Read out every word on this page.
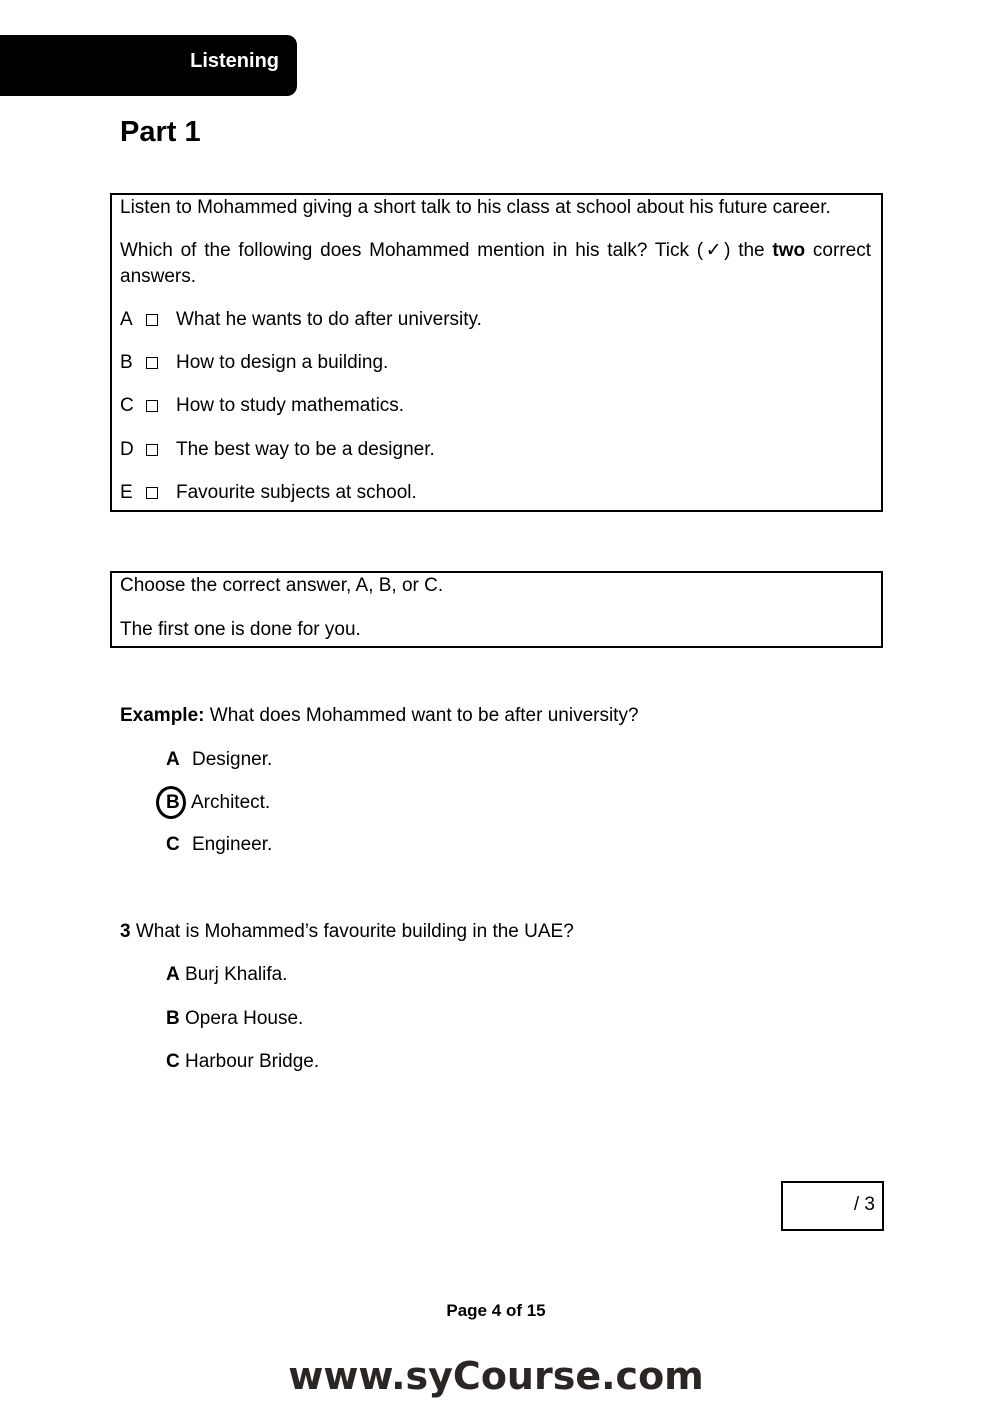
Listening
Part 1
Listen to Mohammed giving a short talk to his class at school about his future career.
Which of the following does Mohammed mention in his talk? Tick (✓) the two correct answers.
A	What he wants to do after university.
B	How to design a building.
C	How to study mathematics.
D	The best way to be a designer.
E	Favourite subjects at school.
Choose the correct answer, A, B, or C.
The first one is done for you.
Example: What does Mohammed want to be after university?
A Designer.
B Architect.
C Engineer.
3 What is Mohammed’s favourite building in the UAE?
A Burj Khalifa.
B Opera House.
C Harbour Bridge.
/ 3
Page 4 of 15
www.syCourse.com
